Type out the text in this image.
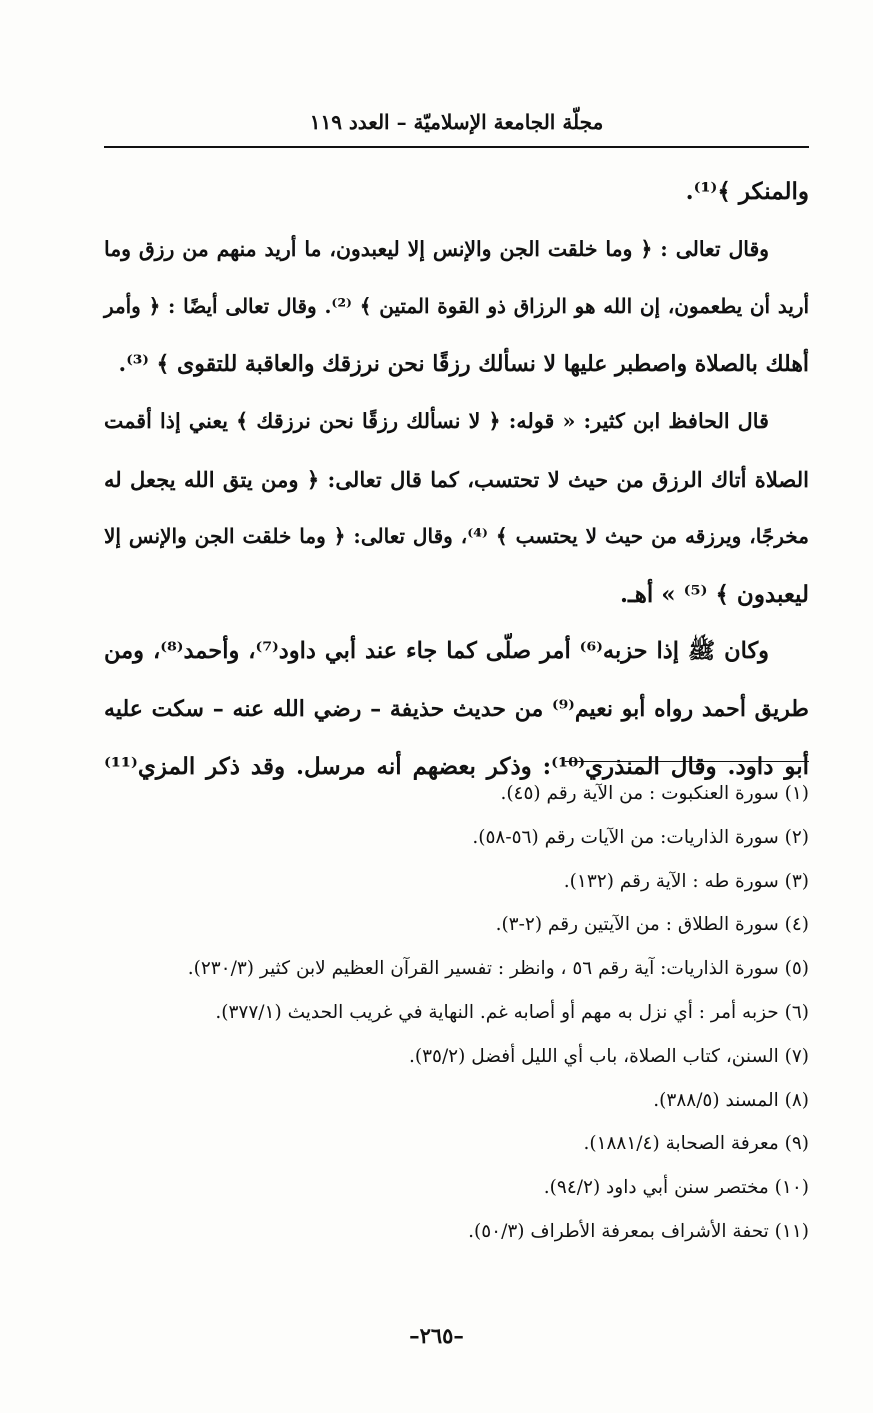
مجلّة الجامعة الإسلاميّة – العدد ١١٩
والمنكر ﴾⁽¹⁾.
وقال تعالى : ﴿ وما خلقت الجن والإنس إلا ليعبدون، ما أريد منهم من رزق وما
أريد أن يطعمون، إن الله هو الرزاق ذو القوة المتين ﴾ ⁽²⁾. وقال تعالى أيضًا : ﴿ وأمر
أهلك بالصلاة واصطبر عليها لا نسألك رزقًا نحن نرزقك والعاقبة للتقوى ﴾ ⁽³⁾.
قال الحافظ ابن كثير: « قوله: ﴿ لا نسألك رزقًا نحن نرزقك ﴾ يعني إذا أقمت
الصلاة أتاك الرزق من حيث لا تحتسب، كما قال تعالى: ﴿ ومن يتق الله يجعل له
مخرجًا، ويرزقه من حيث لا يحتسب ﴾ ⁽⁴⁾، وقال تعالى: ﴿ وما خلقت الجن والإنس إلا
ليعبدون ﴾ ⁽⁵⁾ » أهـ.
وكان ﷺ إذا حزبه⁽⁶⁾ أمر صلّى كما جاء عند أبي داود⁽⁷⁾، وأحمد⁽⁸⁾، ومن
طريق أحمد رواه أبو نعيم⁽⁹⁾ من حديث حذيفة – رضي الله عنه – سكت عليه
أبو داود. وقال المنذري⁽¹⁰⁾: وذكر بعضهم أنه مرسل. وقد ذكر المزي⁽¹¹⁾
(١) سورة العنكبوت : من الآية رقم (٤٥).
(٢) سورة الذاريات: من الآيات رقم (٥٦-٥٨).
(٣) سورة طه : الآية رقم (١٣٢).
(٤) سورة الطلاق : من الآيتين رقم (٢-٣).
(٥) سورة الذاريات: آية رقم ٥٦ ، وانظر : تفسير القرآن العظيم لابن كثير (٢٣٠/٣).
(٦) حزبه أمر : أي نزل به مهم أو أصابه غم. النهاية في غريب الحديث (٣٧٧/١).
(٧) السنن، كتاب الصلاة، باب أي الليل أفضل (٣٥/٢).
(٨) المسند (٣٨٨/٥).
(٩) معرفة الصحابة (١٨٨١/٤).
(١٠) مختصر سنن أبي داود (٩٤/٢).
(١١) تحفة الأشراف بمعرفة الأطراف (٥٠/٣).
–٢٦٥–
